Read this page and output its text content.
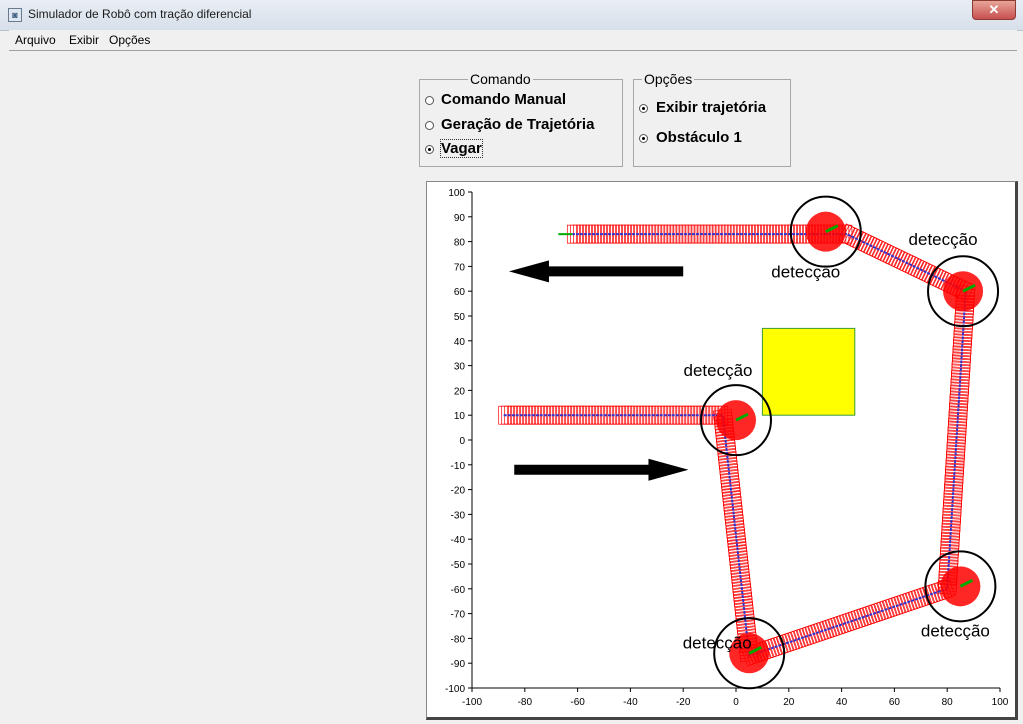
◙ Simulador de Robô com tração diferencial	✕
Arquivo Exibir Opções
Comando
Comando Manual
Geração de Trajetória
Vagar
Opções
Exibir trajetória
Obstáculo 1
100
90
80
70
60
50
40
30
20
10
0
-10
-20
-30
-40
-50
-60
-70
-80
-90
-100
-100	-80	-60	-40	-20	0	20	40	60	80	100
detecção
detecção
detecção
detecção
detecção
